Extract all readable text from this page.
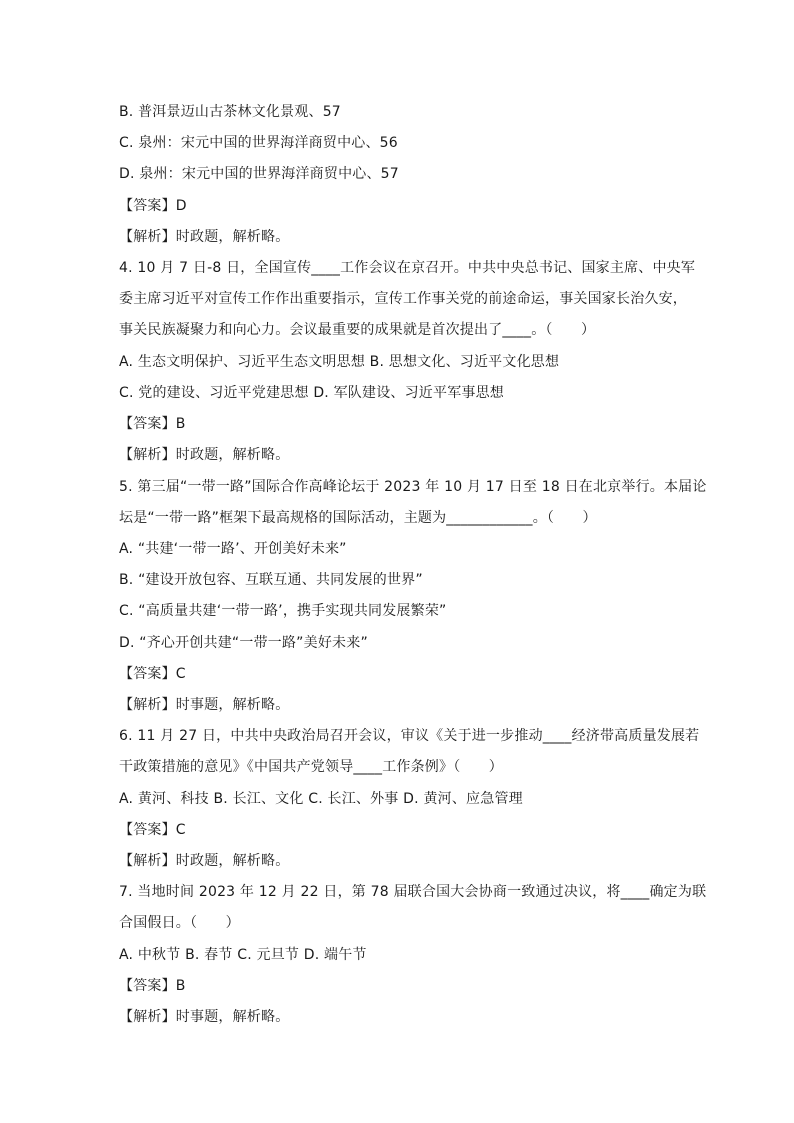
B. 普洱景迈山古茶林文化景观、57
C. 泉州：宋元中国的世界海洋商贸中心、56
D. 泉州：宋元中国的世界海洋商贸中心、57
【答案】D
【解析】时政题，解析略。
4. 10 月 7 日-8 日，全国宣传____工作会议在京召开。中共中央总书记、国家主席、中央军
委主席习近平对宣传工作作出重要指示，宣传工作事关党的前途命运，事关国家长治久安，
事关民族凝聚力和向心力。会议最重要的成果就是首次提出了____。（　　）
A. 生态文明保护、习近平生态文明思想 B. 思想文化、习近平文化思想
C. 党的建设、习近平党建思想 D. 军队建设、习近平军事思想
【答案】B
【解析】时政题，解析略。
5. 第三届“一带一路”国际合作高峰论坛于 2023 年 10 月 17 日至 18 日在北京举行。本届论
坛是“一带一路”框架下最高规格的国际活动，主题为____________。（　　）
A. “共建‘一带一路’、开创美好未来”
B. “建设开放包容、互联互通、共同发展的世界”
C. “高质量共建‘一带一路’，携手实现共同发展繁荣”
D. “齐心开创共建“一带一路”美好未来”
【答案】C
【解析】时事题，解析略。
6. 11 月 27 日，中共中央政治局召开会议，审议《关于进一步推动____经济带高质量发展若
干政策措施的意见》《中国共产党领导____工作条例》（　　）
A. 黄河、科技 B. 长江、文化 C. 长江、外事 D. 黄河、应急管理
【答案】C
【解析】时政题，解析略。
7. 当地时间 2023 年 12 月 22 日，第 78 届联合国大会协商一致通过决议，将____确定为联
合国假日。（　　）
A. 中秋节 B. 春节 C. 元旦节 D. 端午节
【答案】B
【解析】时事题，解析略。
